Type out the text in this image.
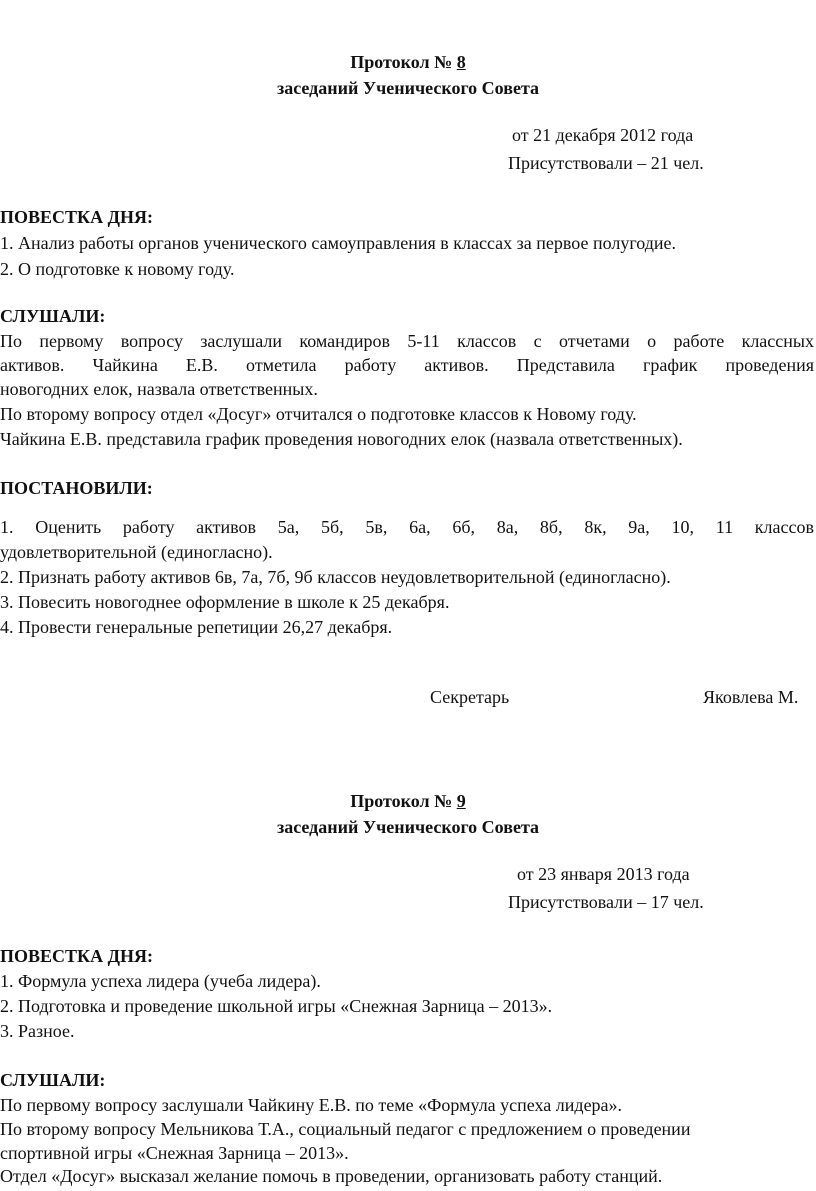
Протокол № 8
заседаний Ученического Совета
от 21 декабря 2012 года
Присутствовали – 21 чел.
ПОВЕСТКА ДНЯ:
1. Анализ работы органов ученического самоуправления в классах за первое полугодие.
2. О подготовке к новому году.
СЛУШАЛИ:
По первому вопросу заслушали командиров 5-11 классов с отчетами о работе классных
активов. Чайкина Е.В. отметила работу активов. Представила график проведения
новогодних елок, назвала ответственных.
По второму вопросу отдел «Досуг» отчитался о подготовке классов к Новому году.
Чайкина Е.В. представила график проведения новогодних елок (назвала ответственных).
ПОСТАНОВИЛИ:
1. Оценить работу активов 5а, 5б, 5в, 6а, 6б, 8а, 8б, 8к, 9а, 10, 11 классов
удовлетворительной (единогласно).
2. Признать работу активов 6в, 7а, 7б, 9б классов неудовлетворительной (единогласно).
3. Повесить новогоднее оформление в школе к 25 декабря.
4. Провести генеральные репетиции 26,27 декабря.
Секретарь	Яковлева М.
Протокол № 9
заседаний Ученического Совета
от 23 января 2013 года
Присутствовали – 17 чел.
ПОВЕСТКА ДНЯ:
1. Формула успеха лидера (учеба лидера).
2. Подготовка и проведение школьной игры «Снежная Зарница – 2013».
3. Разное.
СЛУШАЛИ:
По первому вопросу заслушали Чайкину Е.В. по теме «Формула успеха лидера».
По второму вопросу Мельникова Т.А., социальный педагог с предложением о проведении
спортивной игры «Снежная Зарница – 2013».
Отдел «Досуг» высказал желание помочь в проведении, организовать работу станций.
